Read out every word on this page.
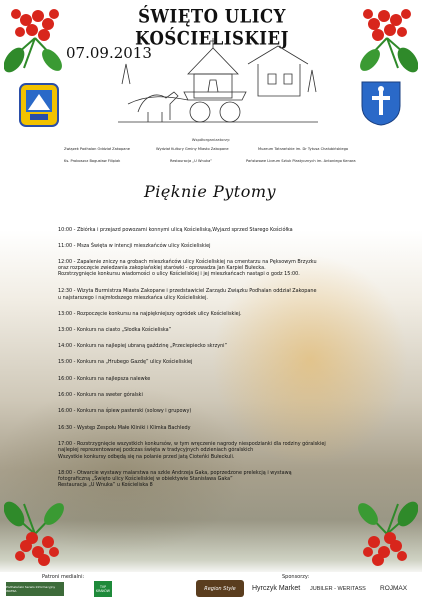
ŚWIĘTO ULICY KOŚCIELISKIEJ
07.09.2013
Współorganizatorzy:
Związek Podhalan Oddział Zakopane	Wydział Kultury Gminy Miasto Zakopane	Muzeum Tatrzańskie im. Dr Tytusa Chałubińskiego
Ks. Proboszcz Bogusław Filipiak	Restauracja „U Wnuka”	Państwowe Liceum Sztuk Plastycznych im. Antoniego Kenara
Pięknie Pytomy
10:00 - Zbiórka i przejazd powozami konnymi ulicą Kościeliską,Wyjazd sprzed Starego Kościółka
11:00 - Msza Święta w intencji mieszkańców ulicy Kościeliskiej
12:00 - Zapalenie zniczy na grobach mieszkańców ulicy Kościeliskiej na cmentarzu na Pęksowym Brzyzku
oraz rozpoczęcie zwiedzania zakopiańskiej starówki - oprowadza Jan Karpiel Bułecka.
Rozstrzygnięcie konkursu wiadomości o ulicy Kościeliskiej i jej mieszkańcach nastąpi o godz 15:00.
12:30 - Wizyta Burmistrza Miasta Zakopane i przedstawiciel Zarządu Związku Podhalan oddział Zakopane
u najstarszego i najmłodszego mieszkańca ulicy Kościeliskiej.
13:00 - Rozpoczęcie konkursu na najpiękniejszy ogródek ulicy Kościeliskiej.
13:00 - Konkurs na ciasto „Słodka Kościeliska”
14:00 - Konkurs na najlepiej ubraną gaździnę „Przeciepiecko skrzyni”
15:00 - Konkurs na „Hrubego Gazdę” ulicy Kościeliskiej
16:00 - Konkurs na najlepsza nalewke
16:00 - Konkurs na sweter góralski
16:00 - Konkurs na śpiew pasterski (solowy i grupowy)
16:30 - Występ Zespołu Małe Kliniki i Klimka Bachledy
17:00 - Rozstrzygnięcie wszystkich konkursów, w tym wręczenie nagrody niespodzianki dla rodziny góralskiej
najlepiej reprezentowanej podczas święta w tradycyjnych odzieniach góralskich
Wszystkie konkursy odbędą się na polanie przed jatą Cioteńki Bułeckuli.
18:00 - Otwarcie wystawy malarstwa na szkle Andrzeja Gaka, poprzedzone prelekcją i wystawą
fotograficzną „Święto ulicy Kościeliskiej w obiektywie Stanisława Gaka”
Restauracja „U Wnuka” u Kościeliska 8
Patroni medialni:	Sponsorzy:
Podhalański Serwis Informacyjny WATRA
TVP KRAKÓW	Region Style Hyrczyk Market JUBILER - WERITASS ROJMAX
